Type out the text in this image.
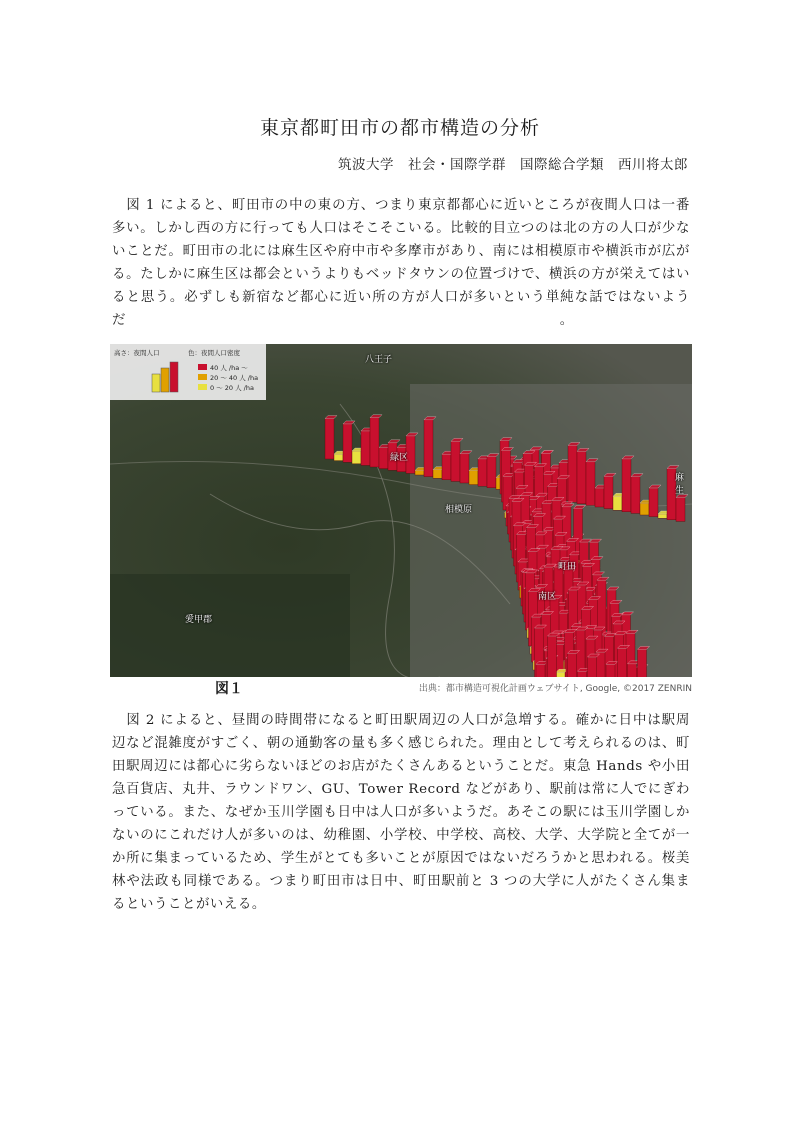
東京都町田市の都市構造の分析
筑波大学　社会・国際学群　国際総合学類　西川将太郎

図 1 によると、町田市の中の東の方、つまり東京都都心に近いところが夜間人口は一番多い。しかし西の方に行っても人口はそこそこいる。比較的目立つのは北の方の人口が少ないことだ。町田市の北には麻生区や府中市や多摩市があり、南には相模原市や横浜市が広がる。たしかに麻生区は都会というよりもベッドタウンの位置づけで、横浜の方が栄えてはいると思う。必ずしも新宿など都心に近い所の方が人口が多いという単純な話ではないようだ　　　　　　　　　　　　　　　　　　　　　　　　　　　　　　　。

高さ：夜間人口	色：夜間人口密度
40 人 /ha ～
20 ～ 40 人 /ha
0 ～ 20 人 /ha
八王子
緑区
相模原
町田
南区
愛甲郡
麻生
図１	出典：都市構造可視化計画ウェブサイト, Google, ©2017 ZENRIN

図 2 によると、昼間の時間帯になると町田駅周辺の人口が急増する。確かに日中は駅周辺など混雑度がすごく、朝の通勤客の量も多く感じられた。理由として考えられるのは、町田駅周辺には都心に劣らないほどのお店がたくさんあるということだ。東急 Hands や小田急百貨店、丸井、ラウンドワン、GU、Tower Record などがあり、駅前は常に人でにぎわっている。また、なぜか玉川学園も日中は人口が多いようだ。あそこの駅には玉川学園しかないのにこれだけ人が多いのは、幼稚園、小学校、中学校、高校、大学、大学院と全てが一か所に集まっているため、学生がとても多いことが原因ではないだろうかと思われる。桜美林や法政も同様である。つまり町田市は日中、町田駅前と 3 つの大学に人がたくさん集まるということがいえる。
